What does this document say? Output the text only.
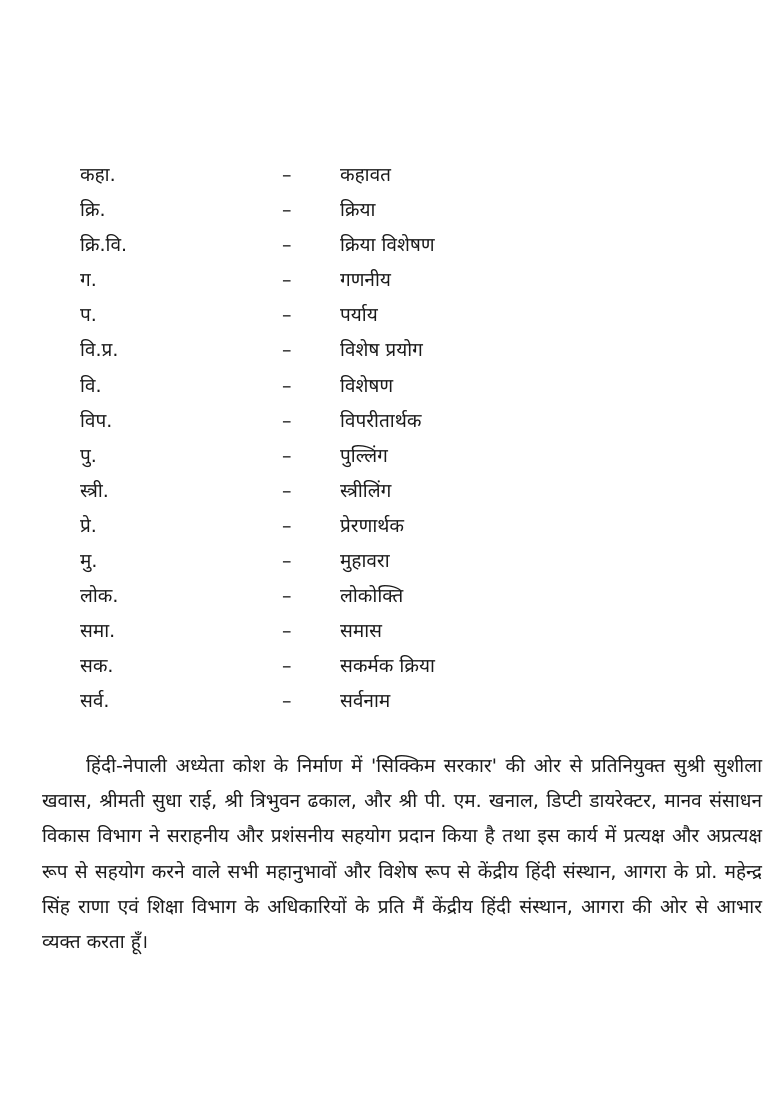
कहा.	–	कहावत
क्रि.	–	क्रिया
क्रि.वि.	–	क्रिया विशेषण
ग.	–	गणनीय
प.	–	पर्याय
वि.प्र.	–	विशेष प्रयोग
वि.	–	विशेषण
विप.	–	विपरीतार्थक
पु.	–	पुल्लिंग
स्त्री.	–	स्त्रीलिंग
प्रे.	–	प्रेरणार्थक
मु.	–	मुहावरा
लोक.	–	लोकोक्ति
समा.	–	समास
सक.	–	सकर्मक क्रिया
सर्व.	–	सर्वनाम

हिंदी-नेपाली अध्येता कोश के निर्माण में 'सिक्किम सरकार' की ओर से प्रतिनियुक्त सुश्री सुशीला खवास, श्रीमती सुधा राई, श्री त्रिभुवन ढकाल, और श्री पी. एम. खनाल, डिप्टी डायरेक्टर, मानव संसाधन विकास विभाग ने सराहनीय और प्रशंसनीय सहयोग प्रदान किया है तथा इस कार्य में प्रत्यक्ष और अप्रत्यक्ष रूप से सहयोग करने वाले सभी महानुभावों और विशेष रूप से केंद्रीय हिंदी संस्थान, आगरा के प्रो. महेन्द्र सिंह राणा एवं शिक्षा विभाग के अधिकारियों के प्रति मैं केंद्रीय हिंदी संस्थान, आगरा की ओर से आभार व्यक्त करता हूँ।
